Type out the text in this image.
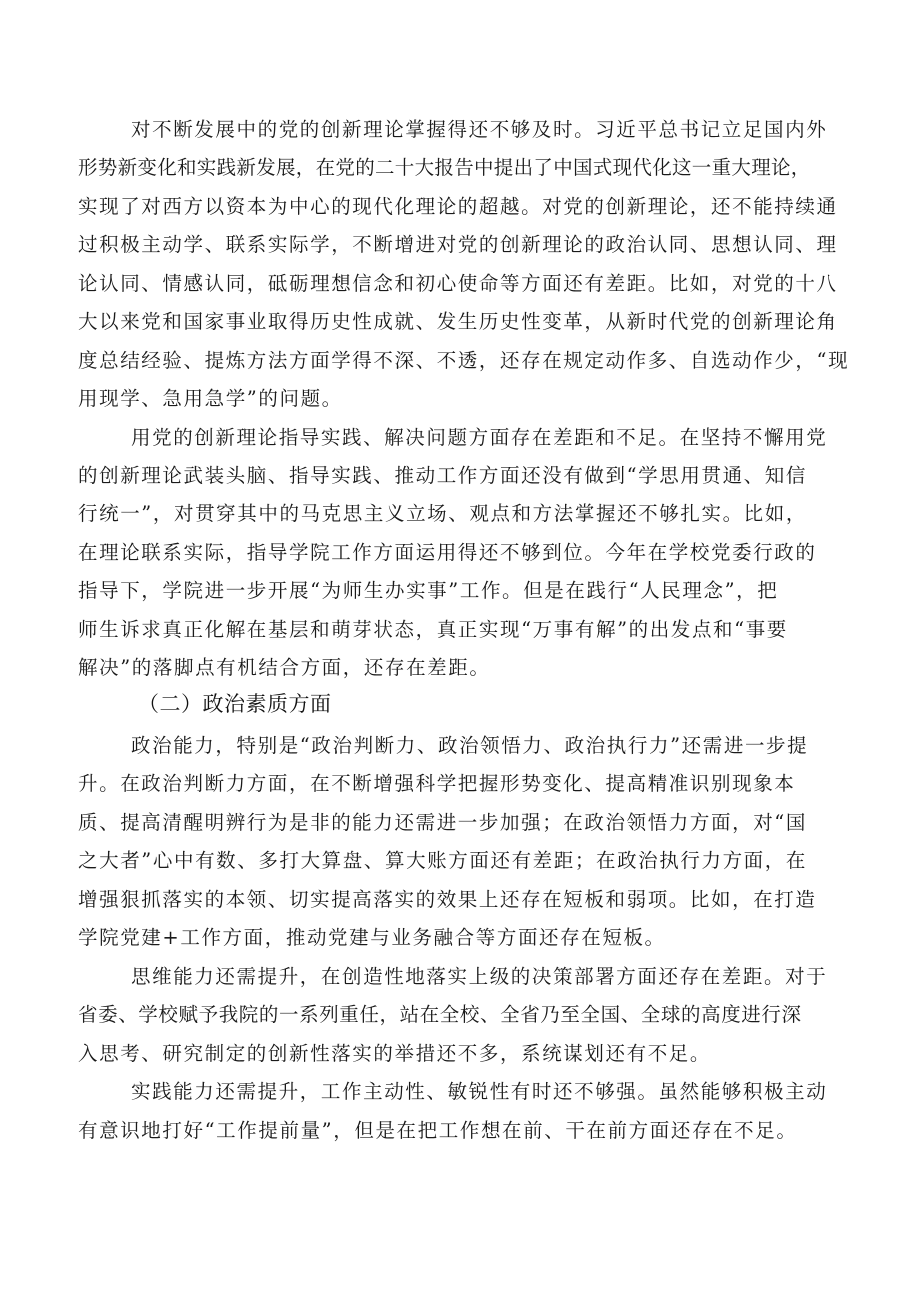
对不断发展中的党的创新理论掌握得还不够及时。习近平总书记立足国内外
形势新变化和实践新发展，在党的二十大报告中提出了中国式现代化这一重大理论，
实现了对西方以资本为中心的现代化理论的超越。对党的创新理论，还不能持续通
过积极主动学、联系实际学，不断增进对党的创新理论的政治认同、思想认同、理
论认同、情感认同，砥砺理想信念和初心使命等方面还有差距。比如，对党的十八
大以来党和国家事业取得历史性成就、发生历史性变革，从新时代党的创新理论角
度总结经验、提炼方法方面学得不深、不透，还存在规定动作多、自选动作少，“现
用现学、急用急学”的问题。
用党的创新理论指导实践、解决问题方面存在差距和不足。在坚持不懈用党
的创新理论武装头脑、指导实践、推动工作方面还没有做到“学思用贯通、知信
行统一”，对贯穿其中的马克思主义立场、观点和方法掌握还不够扎实。比如，
在理论联系实际，指导学院工作方面运用得还不够到位。今年在学校党委行政的
指导下，学院进一步开展“为师生办实事”工作。但是在践行“人民理念”，把
师生诉求真正化解在基层和萌芽状态，真正实现“万事有解”的出发点和“事要
解决”的落脚点有机结合方面，还存在差距。
（二）政治素质方面
政治能力，特别是“政治判断力、政治领悟力、政治执行力”还需进一步提
升。在政治判断力方面，在不断增强科学把握形势变化、提高精准识别现象本
质、提高清醒明辨行为是非的能力还需进一步加强；在政治领悟力方面，对“国
之大者”心中有数、多打大算盘、算大账方面还有差距；在政治执行力方面，在
增强狠抓落实的本领、切实提高落实的效果上还存在短板和弱项。比如，在打造
学院党建+工作方面，推动党建与业务融合等方面还存在短板。
思维能力还需提升，在创造性地落实上级的决策部署方面还存在差距。对于
省委、学校赋予我院的一系列重任，站在全校、全省乃至全国、全球的高度进行深
入思考、研究制定的创新性落实的举措还不多，系统谋划还有不足。
实践能力还需提升，工作主动性、敏锐性有时还不够强。虽然能够积极主动
有意识地打好“工作提前量”，但是在把工作想在前、干在前方面还存在不足。
